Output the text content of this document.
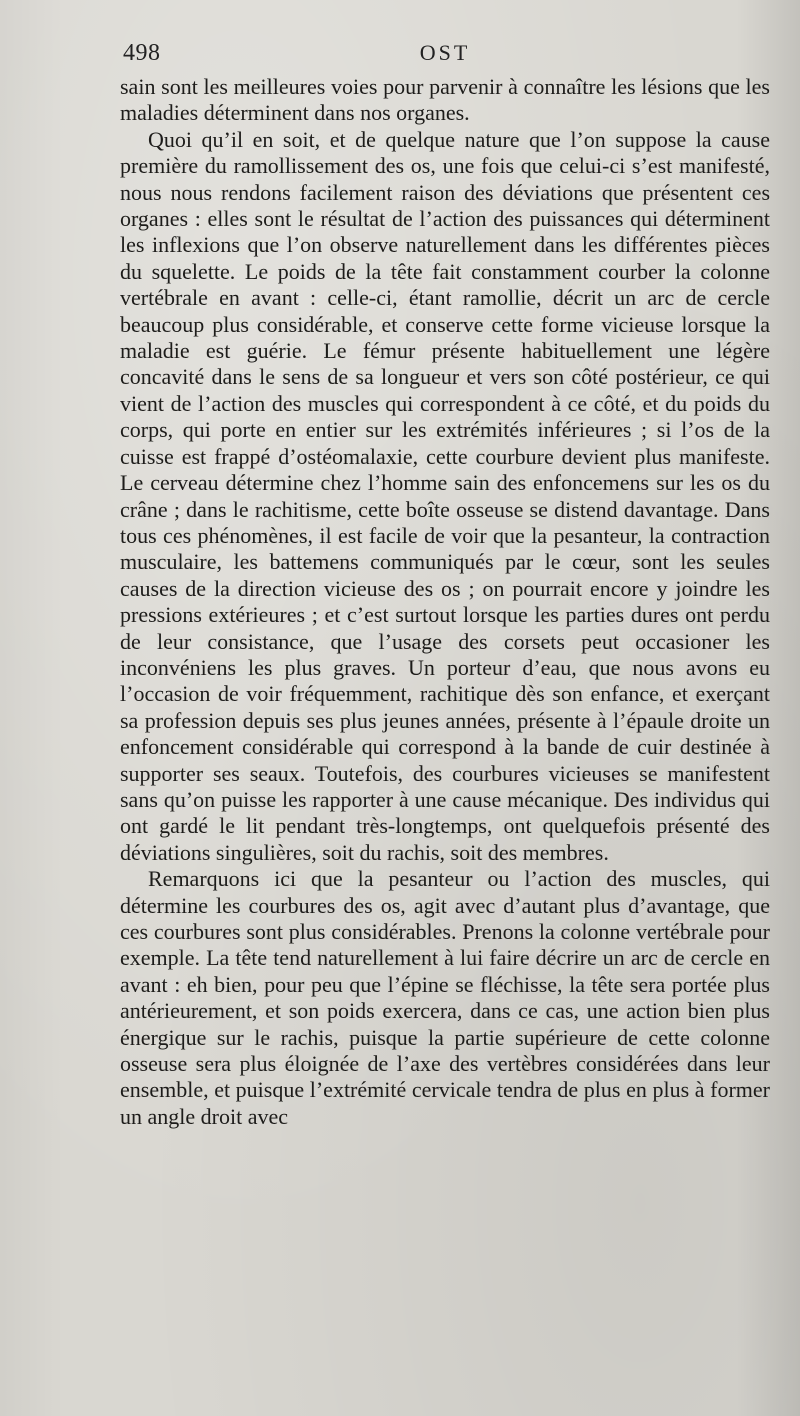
498	OST

sain sont les meilleures voies pour parvenir à connaître les lésions que les maladies déterminent dans nos organes.

Quoi qu’il en soit, et de quelque nature que l’on suppose la cause première du ramollissement des os, une fois que celui-ci s’est manifesté, nous nous rendons facilement raison des déviations que présentent ces organes : elles sont le résultat de l’action des puissances qui déterminent les inflexions que l’on observe naturellement dans les différentes pièces du squelette. Le poids de la tête fait constamment courber la colonne vertébrale en avant : celle-ci, étant ramollie, décrit un arc de cercle beaucoup plus considérable, et conserve cette forme vicieuse lorsque la maladie est guérie. Le fémur présente habituellement une légère concavité dans le sens de sa longueur et vers son côté postérieur, ce qui vient de l’action des muscles qui correspondent à ce côté, et du poids du corps, qui porte en entier sur les extrémités inférieures ; si l’os de la cuisse est frappé d’ostéomalaxie, cette courbure devient plus manifeste. Le cerveau détermine chez l’homme sain des enfoncemens sur les os du crâne ; dans le rachitisme, cette boîte osseuse se distend davantage. Dans tous ces phénomènes, il est facile de voir que la pesanteur, la contraction musculaire, les battemens communiqués par le cœur, sont les seules causes de la direction vicieuse des os ; on pourrait encore y joindre les pressions extérieures ; et c’est surtout lorsque les parties dures ont perdu de leur consistance, que l’usage des corsets peut occasioner les inconvéniens les plus graves. Un porteur d’eau, que nous avons eu l’occasion de voir fréquemment, rachitique dès son enfance, et exerçant sa profession depuis ses plus jeunes années, présente à l’épaule droite un enfoncement considérable qui correspond à la bande de cuir destinée à supporter ses seaux. Toutefois, des courbures vicieuses se manifestent sans qu’on puisse les rapporter à une cause mécanique. Des individus qui ont gardé le lit pendant très-longtemps, ont quelquefois présenté des déviations singulières, soit du rachis, soit des membres.

Remarquons ici que la pesanteur ou l’action des muscles, qui détermine les courbures des os, agit avec d’autant plus d’avantage, que ces courbures sont plus considérables. Prenons la colonne vertébrale pour exemple. La tête tend naturellement à lui faire décrire un arc de cercle en avant : eh bien, pour peu que l’épine se fléchisse, la tête sera portée plus antérieurement, et son poids exercera, dans ce cas, une action bien plus énergique sur le rachis, puisque la partie supérieure de cette colonne osseuse sera plus éloignée de l’axe des vertèbres considérées dans leur ensemble, et puisque l’extrémité cervicale tendra de plus en plus à former un angle droit avec
